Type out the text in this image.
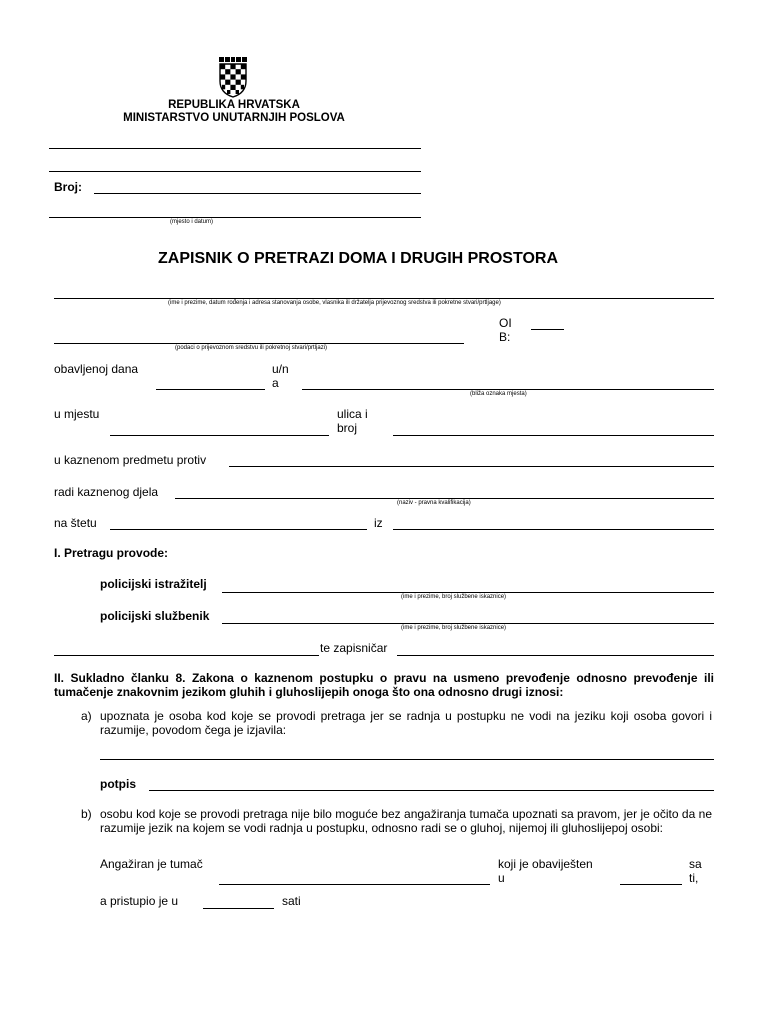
REPUBLIKA HRVATSKA
MINISTARSTVO UNUTARNJIH POSLOVA
Broj:
(mjesto i datum)
ZAPISNIK O PRETRAZI DOMA I DRUGIH PROSTORA
(ime i prezime, datum rođenja i adresa stanovanja osobe, vlasnika ili držatelja prijevoznog sredstva ili pokretne stvari/prtljage)
OI
B:
(podaci o prijevoznom sredstvu ili pokretnoj stvari/prtljazi)
obavljenoj dana	u/n
a
(bliža oznaka mjesta)
u mjestu	ulica i
broj
u kaznenom predmetu protiv
radi kaznenog djela
(naziv - pravna kvalifikacija)
na štetu	iz
I. Pretragu provode:
policijski istražitelj
(ime i prezime, broj službene iskaznice)
policijski službenik
(ime i prezime, broj službene iskaznice)
te zapisničar
II. Sukladno članku 8. Zakona o kaznenom postupku o pravu na usmeno prevođenje odnosno prevođenje ili tumačenje znakovnim jezikom gluhih i gluhoslijepih onoga što ona odnosno drugi iznosi:
a) upoznata je osoba kod koje se provodi pretraga jer se radnja u postupku ne vodi na jeziku koji osoba govori i razumije, povodom čega je izjavila:
potpis
b) osobu kod koje se provodi pretraga nije bilo moguće bez angažiranja tumača upoznati sa pravom, jer je očito da ne razumije jezik na kojem se vodi radnja u postupku, odnosno radi se o gluhoj, nijemoj ili gluhoslijepoj osobi:
Angažiran je tumač	koji je obaviješten
u
sa
ti,
a pristupio je u	sati
